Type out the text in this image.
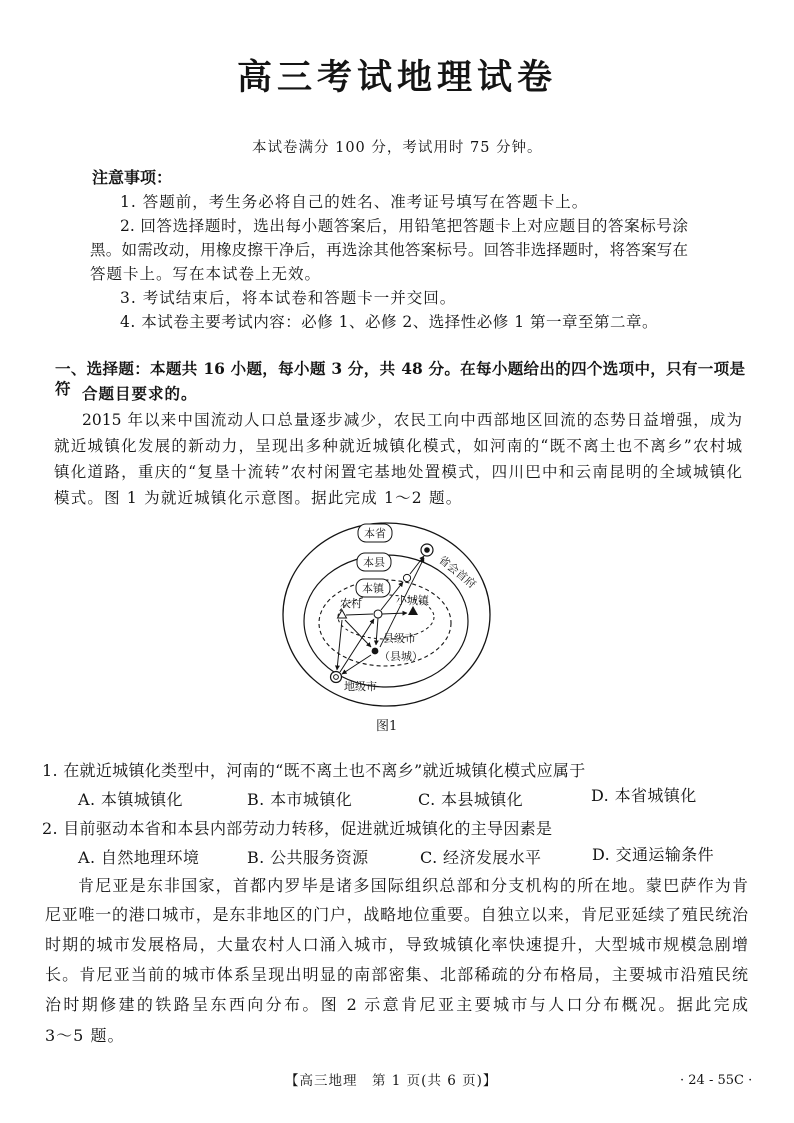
高三考试地理试卷
本试卷满分 100 分，考试用时 75 分钟。
注意事项：
1. 答题前，考生务必将自己的姓名、准考证号填写在答题卡上。
2. 回答选择题时，选出每小题答案后，用铅笔把答题卡上对应题目的答案标号涂
黑。如需改动，用橡皮擦干净后，再选涂其他答案标号。回答非选择题时，将答案写在
答题卡上。写在本试卷上无效。
3. 考试结束后，将本试卷和答题卡一并交回。
4. 本试卷主要考试内容：必修 1、必修 2、选择性必修 1 第一章至第二章。
一、选择题：本题共 16 小题，每小题 3 分，共 48 分。在每小题给出的四个选项中，只有一项是符 合题目要求的。
2015 年以来中国流动人口总量逐步减少，农民工向中西部地区回流的态势日益增强，成为
就近城镇化发展的新动力，呈现出多种就近城镇化模式，如河南的“既不离土也不离乡”农村城
镇化道路，重庆的“复垦十流转”农村闲置宅基地处置模式，四川巴中和云南昆明的全域城镇化
模式。图 1 为就近城镇化示意图。据此完成 1～2 题。
本省
本县
本镇	省会首府
小城镇
农村
县级市
（县城）
地级市
图1
1. 在就近城镇化类型中，河南的“既不离土也不离乡”就近城镇化模式应属于
A. 本镇城镇化	B. 本市城镇化	C. 本县城镇化	D. 本省城镇化
2. 目前驱动本省和本县内部劳动力转移，促进就近城镇化的主导因素是
A. 自然地理环境	B. 公共服务资源	C. 经济发展水平	D. 交通运输条件
肯尼亚是东非国家，首都内罗毕是诸多国际组织总部和分支机构的所在地。蒙巴萨作为肯
尼亚唯一的港口城市，是东非地区的门户，战略地位重要。自独立以来，肯尼亚延续了殖民统治
时期的城市发展格局，大量农村人口涌入城市，导致城镇化率快速提升，大型城市规模急剧增
长。肯尼亚当前的城市体系呈现出明显的南部密集、北部稀疏的分布格局，主要城市沿殖民统
治时期修建的铁路呈东西向分布。图 2 示意肯尼亚主要城市与人口分布概况。据此完成
3～5 题。
【高三地理　第 1 页(共 6 页)】	· 24 - 55C ·
